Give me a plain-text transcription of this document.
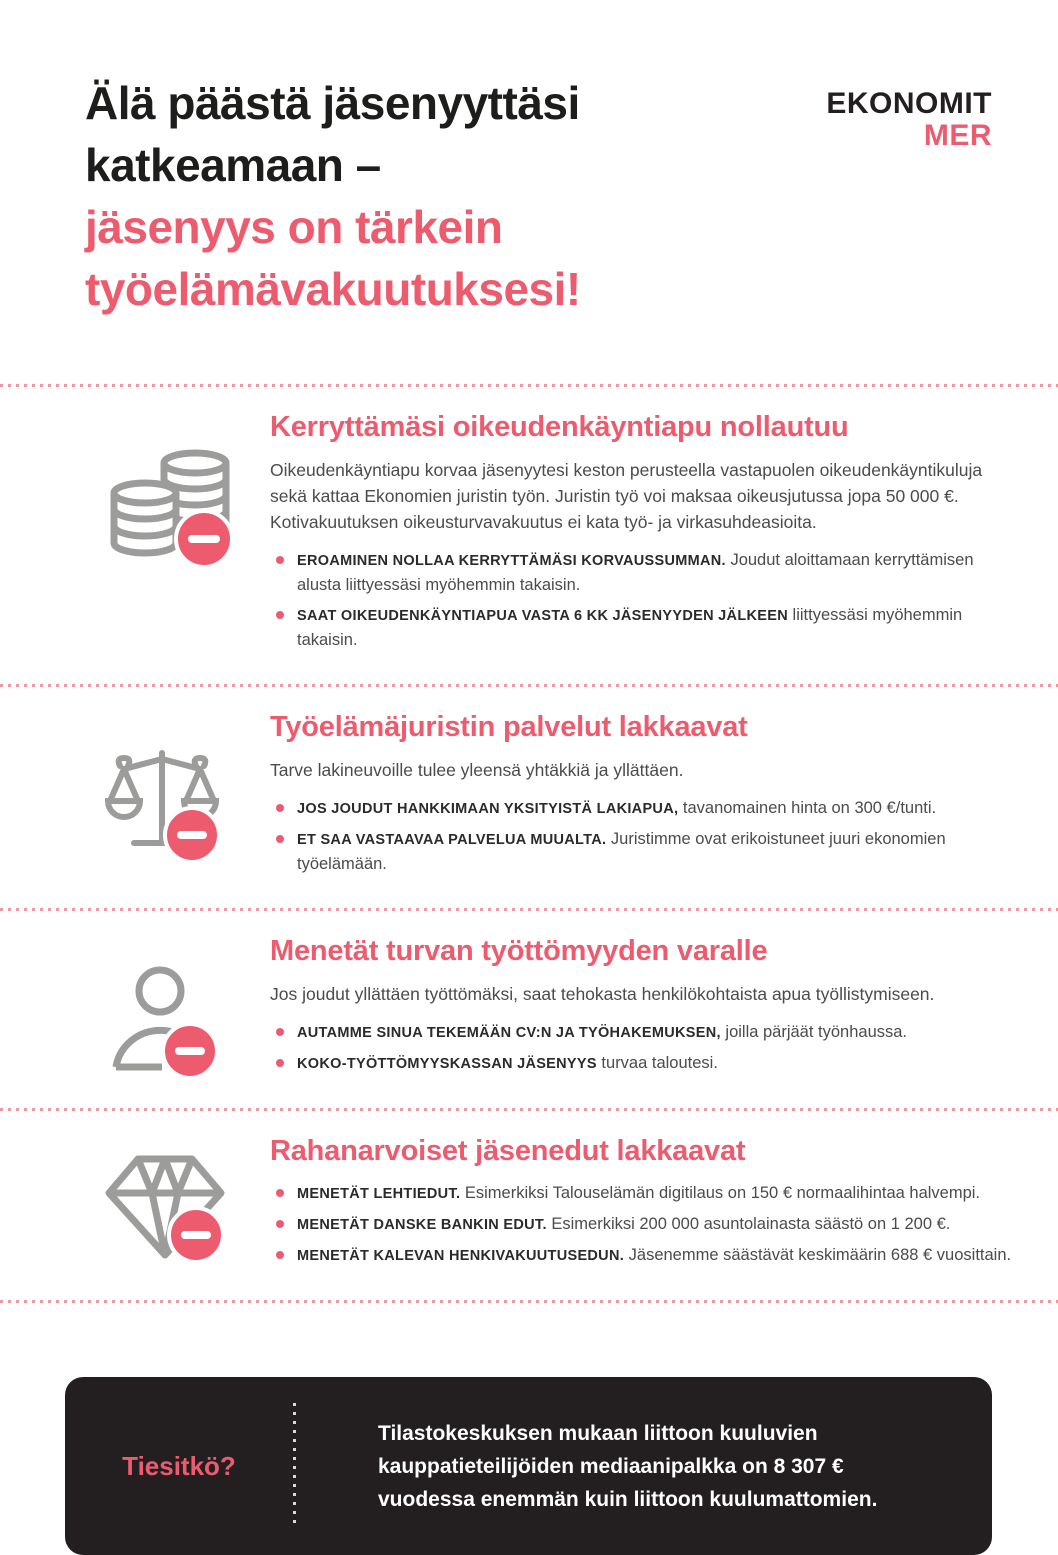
Älä päästä jäsenyyttäsi
katkeamaan –
jäsenyys on tärkein
työelämävakuutuksesi!
EKONOMIT
MER
Kerryttämäsi oikeudenkäyntiapu nollautuu

Oikeudenkäyntiapu korvaa jäsenyytesi keston perusteella vastapuolen oikeudenkäyntikuluja sekä kattaa Ekonomien juristin työn. Juristin työ voi maksaa oikeusjutussa jopa 50 000 €. Kotivakuutuksen oikeusturvavakuutus ei kata työ- ja virkasuhdeasioita.

EROAMINEN NOLLAA KERRYTTÄMÄSI KORVAUSSUMMAN. Joudut aloittamaan kerryttämisen alusta liittyessäsi myöhemmin takaisin.
SAAT OIKEUDENKÄYNTIAPUA VASTA 6 KK JÄSENYYDEN JÄLKEEN liittyessäsi myöhemmin takaisin.
Työelämäjuristin palvelut lakkaavat

Tarve lakineuvoille tulee yleensä yhtäkkiä ja yllättäen.

JOS JOUDUT HANKKIMAAN YKSITYISTÄ LAKIAPUA, tavanomainen hinta on 300 €/tunti.
ET SAA VASTAAVAA PALVELUA MUUALTA. Juristimme ovat erikoistuneet juuri ekonomien työelämään.
Menetät turvan työttömyyden varalle

Jos joudut yllättäen työttömäksi, saat tehokasta henkilökohtaista apua työllistymiseen.

AUTAMME SINUA TEKEMÄÄN CV:N JA TYÖHAKEMUKSEN, joilla pärjäät työnhaussa.
KOKO-TYÖTTÖMYYSKASSAN JÄSENYYS turvaa taloutesi.
Rahanarvoiset jäsenedut lakkaavat
MENETÄT LEHTIEDUT. Esimerkiksi Talouselämän digitilaus on 150 € normaalihintaa halvempi.
MENETÄT DANSKE BANKIN EDUT. Esimerkiksi 200 000 asuntolainasta säästö on 1 200 €.
MENETÄT KALEVAN HENKIVAKUUTUSEDUN. Jäsenemme säästävät keskimäärin 688 € vuosittain.
Tiesitkö?
Tilastokeskuksen mukaan liittoon kuuluvien kauppatieteilijöiden mediaanipalkka on 8 307 € vuodessa enemmän kuin liittoon kuulumattomien.
